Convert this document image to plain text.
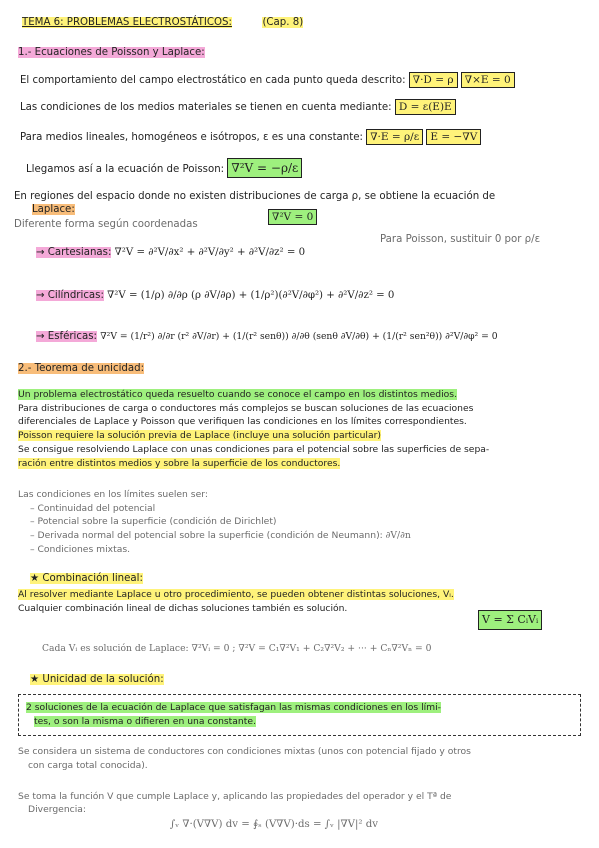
TEMA 6: PROBLEMAS ELECTROSTÁTICOS:	(Cap. 8)
1.- Ecuaciones de Poisson y Laplace:
El comportamiento del campo electrostático en cada punto queda descrito: ∇·D = ρ ∇×E = 0
Las condiciones de los medios materiales se tienen en cuenta mediante: D = ε(E)E
Para medios lineales, homogéneos e isótropos, ε es una constante: ∇·E = ρ/ε E = −∇V
Llegamos así a la ecuación de Poisson: ∇²V = −ρ/ε
En regiones del espacio donde no existen distribuciones de carga ρ, se obtiene la ecuación de
Laplace:
∇²V = 0
Diferente forma según coordenadas
Para Poisson, sustituir 0 por ρ/ε
→ Cartesianas: ∇²V = ∂²V/∂x² + ∂²V/∂y² + ∂²V/∂z² = 0
→ Cilíndricas: ∇²V = (1/ρ) ∂/∂ρ (ρ ∂V/∂ρ) + (1/ρ²)(∂²V/∂φ²) + ∂²V/∂z² = 0
→ Esféricas: ∇²V = (1/r²) ∂/∂r (r² ∂V/∂r) + (1/(r² senθ)) ∂/∂θ (senθ ∂V/∂θ) + (1/(r² sen²θ)) ∂²V/∂φ² = 0
2.- Teorema de unicidad:
Un problema electrostático queda resuelto cuando se conoce el campo en los distintos medios.
Para distribuciones de carga o conductores más complejos se buscan soluciones de las ecuaciones
diferenciales de Laplace y Poisson que verifiquen las condiciones en los límites correspondientes.
Poisson requiere la solución previa de Laplace (incluye una solución particular)
Se consigue resolviendo Laplace con unas condiciones para el potencial sobre las superficies de sepa-
ración entre distintos medios y sobre la superficie de los conductores.
Las condiciones en los límites suelen ser:
– Continuidad del potencial
– Potencial sobre la superficie (condición de Dirichlet)
– Derivada normal del potencial sobre la superficie (condición de Neumann): ∂V/∂n
– Condiciones mixtas.
★ Combinación lineal:
Al resolver mediante Laplace u otro procedimiento, se pueden obtener distintas soluciones, Vᵢ.
Cualquier combinación lineal de dichas soluciones también es solución.
V = Σ CᵢVᵢ
Cada Vᵢ es solución de Laplace: ∇²Vᵢ = 0 ; ∇²V = C₁∇²V₁ + C₂∇²V₂ + ··· + Cₙ∇²Vₙ = 0
★ Unicidad de la solución:
2 soluciones de la ecuación de Laplace que satisfagan las mismas condiciones en los lími-
tes, o son la misma o difieren en una constante.
Se considera un sistema de conductores con condiciones mixtas (unos con potencial fijado y otros
con carga total conocida).
Se toma la función V que cumple Laplace y, aplicando las propiedades del operador y el Tª de
Divergencia:
∫ᵥ ∇·(V∇V) dv = ∮ₛ (V∇V)·ds = ∫ᵥ |∇V|² dv
